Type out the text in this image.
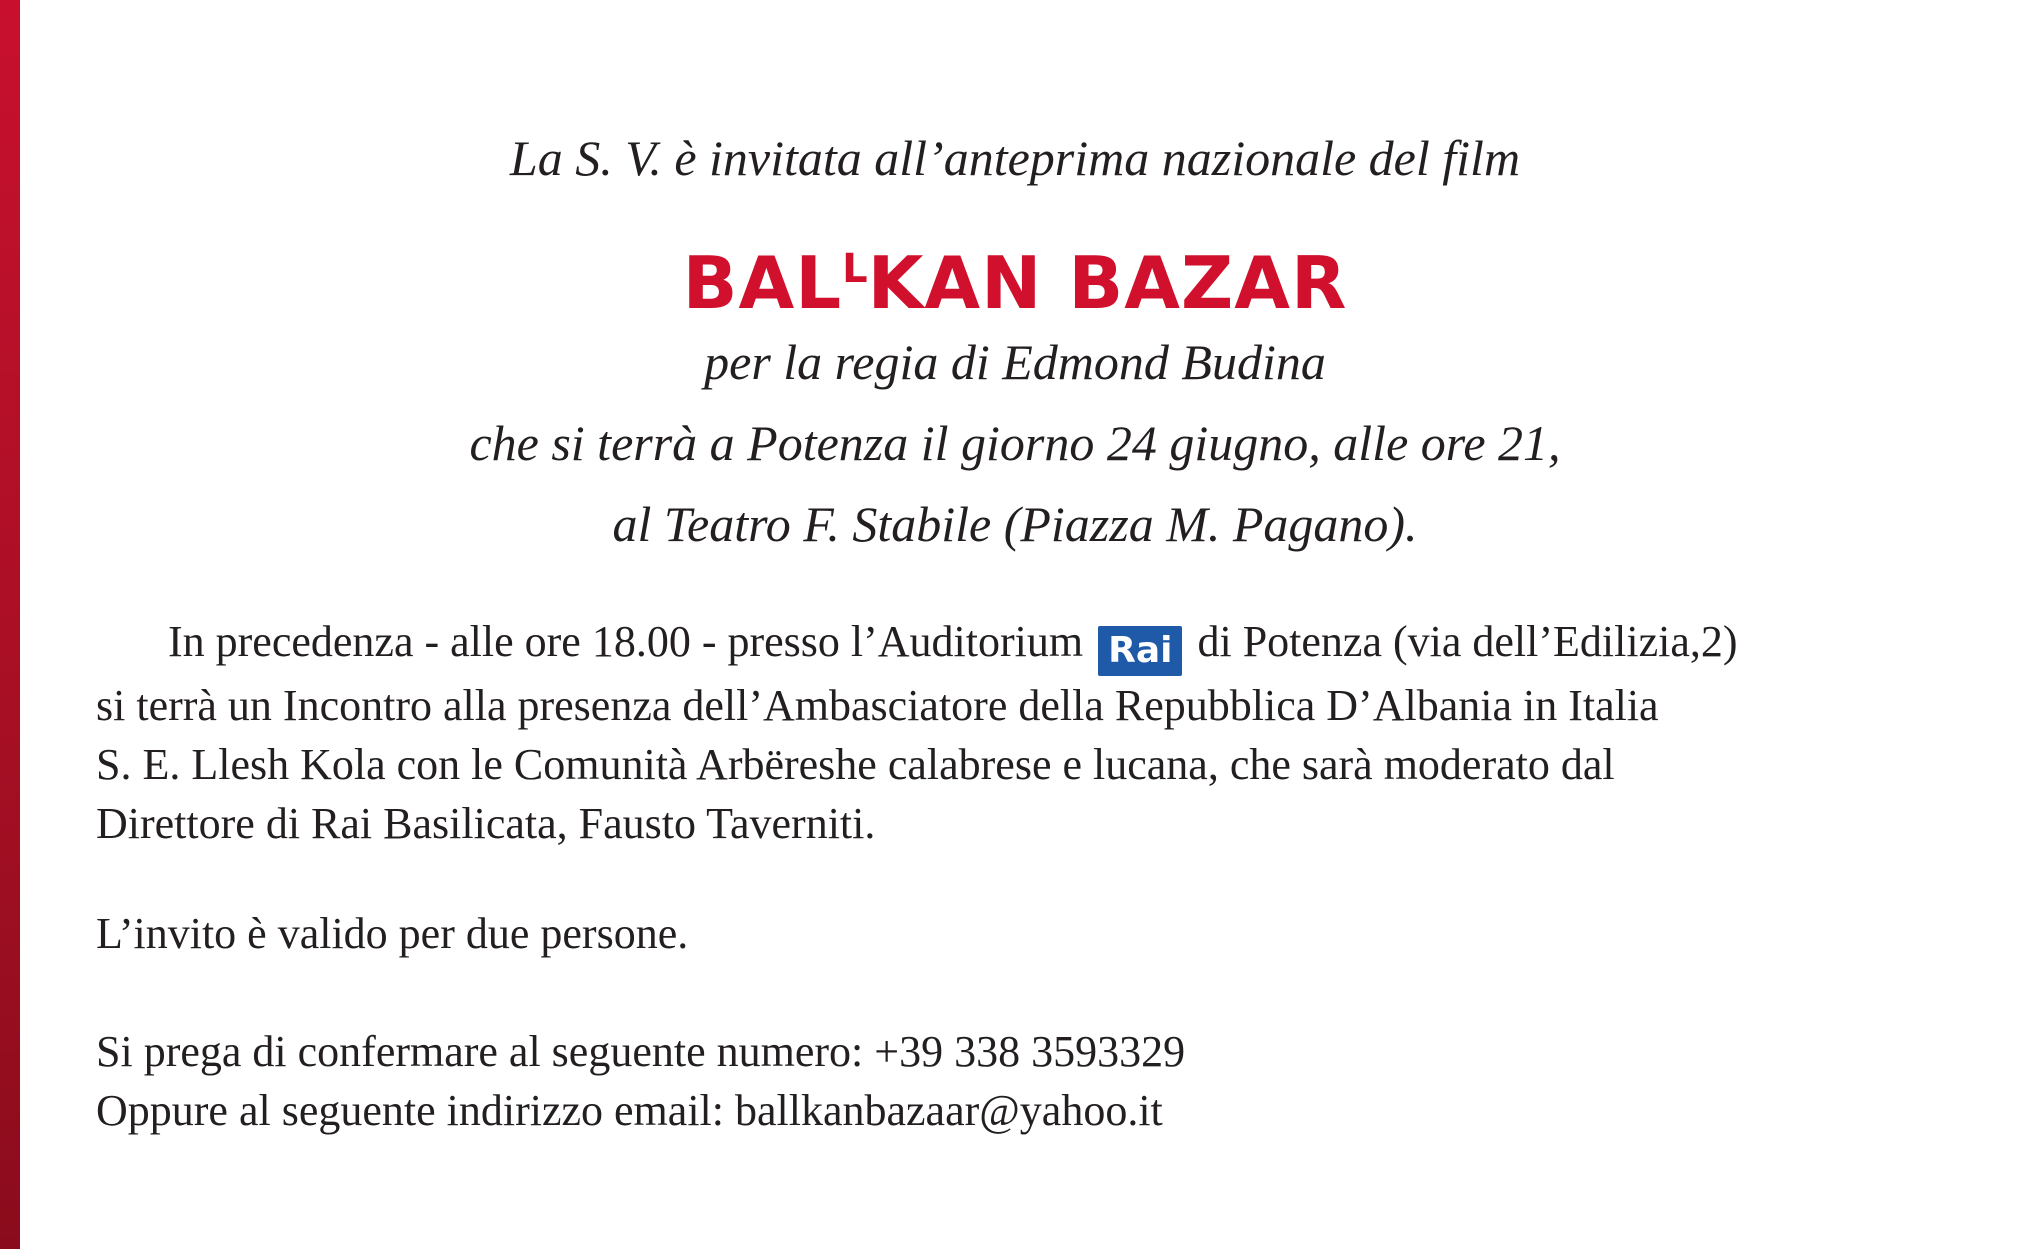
La S. V. è invitata all’anteprima nazionale del film
$BAL^LKAN$ BAZAR
per la regia di Edmond Budina
che si terrà a Potenza il giorno 24 giugno, alle ore 21,
al Teatro F. Stabile (Piazza M. Pagano).
In precedenza - alle ore 18.00 - presso l’Auditorium Rai di Potenza (via dell’Edilizia,2)
si terrà un Incontro alla presenza dell’Ambasciatore della Repubblica D’Albania in Italia
S. E. Llesh Kola con le Comunità Arbëreshe calabrese e lucana, che sarà moderato dal
Direttore di Rai Basilicata, Fausto Taverniti.
L’invito è valido per due persone.
Si prega di confermare al seguente numero: +39 338 3593329
Oppure al seguente indirizzo email: ballkanbazaar@yahoo.it
